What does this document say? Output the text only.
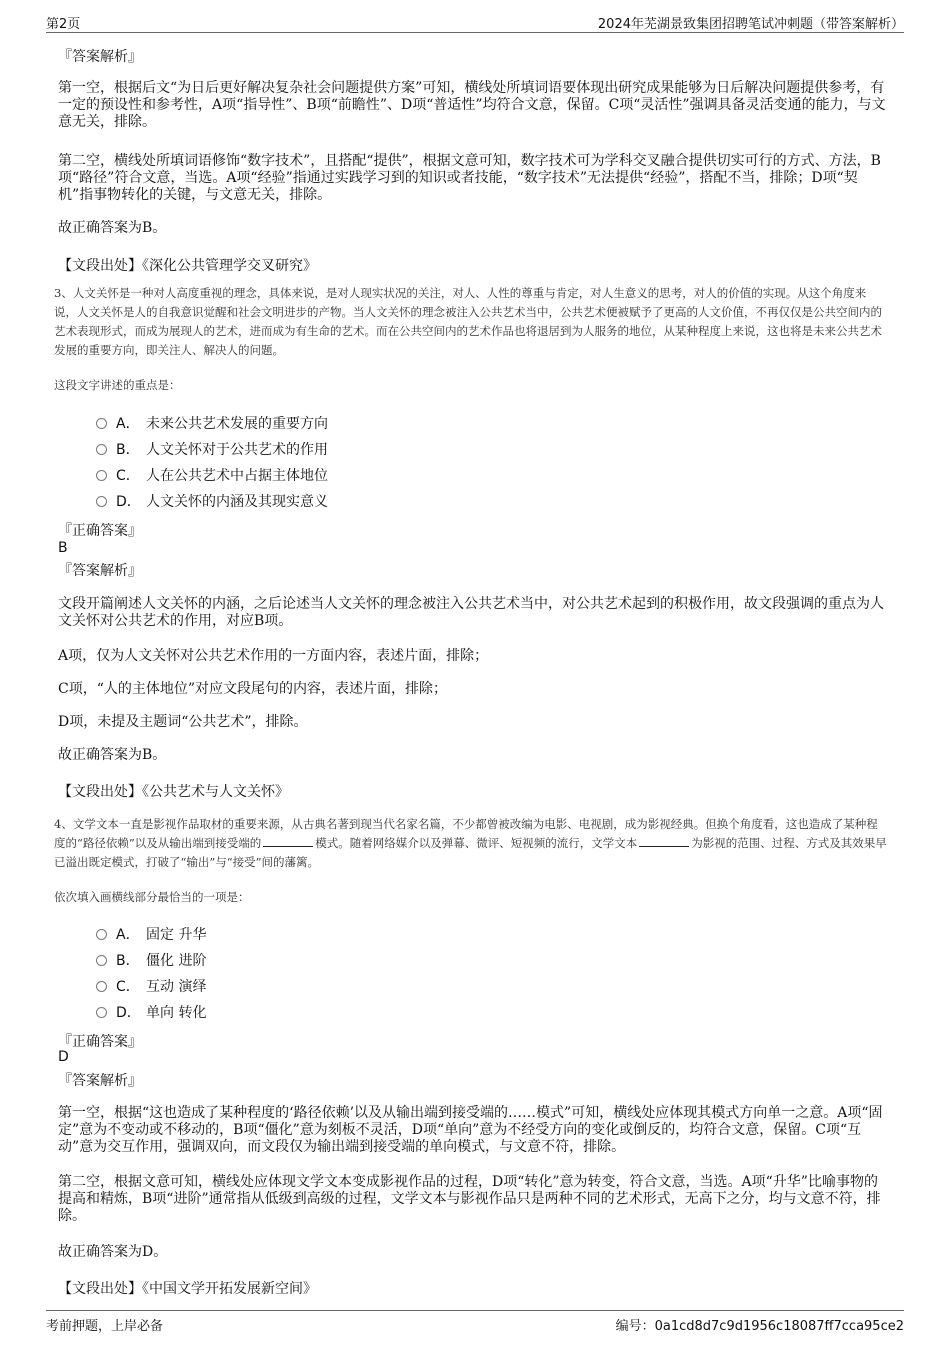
第2页	2024年芜湖景致集团招聘笔试冲刺题（带答案解析）
『答案解析』
第一空，根据后文“为日后更好解决复杂社会问题提供方案”可知，横线处所填词语要体现出研究成果能够为日后解决问题提供参考，有一定的预设性和参考性，A项“指导性”、B项“前瞻性”、D项“普适性”均符合文意，保留。C项“灵活性”强调具备灵活变通的能力，与文意无关，排除。
第二空，横线处所填词语修饰“数字技术”，且搭配“提供”，根据文意可知，数字技术可为学科交叉融合提供切实可行的方式、方法，B项“路径”符合文意，当选。A项“经验”指通过实践学习到的知识或者技能，“数字技术”无法提供“经验”，搭配不当，排除；D项“契机”指事物转化的关键，与文意无关，排除。
故正确答案为B。
【文段出处】《深化公共管理学交叉研究》
3、人文关怀是一种对人高度重视的理念，具体来说，是对人现实状况的关注，对人、人性的尊重与肯定，对人生意义的思考，对人的价值的实现。从这个角度来说，人文关怀是人的自我意识觉醒和社会文明进步的产物。当人文关怀的理念被注入公共艺术当中，公共艺术便被赋予了更高的人文价值，不再仅仅是公共空间内的艺术表现形式，而成为展现人的艺术，进而成为有生命的艺术。而在公共空间内的艺术作品也将退居到为人服务的地位，从某种程度上来说，这也将是未来公共艺术发展的重要方向，即关注人、解决人的问题。
这段文字讲述的重点是：
A． 未来公共艺术发展的重要方向
B． 人文关怀对于公共艺术的作用
C． 人在公共艺术中占据主体地位
D． 人文关怀的内涵及其现实意义
『正确答案』
B
『答案解析』
文段开篇阐述人文关怀的内涵，之后论述当人文关怀的理念被注入公共艺术当中，对公共艺术起到的积极作用，故文段强调的重点为人文关怀对公共艺术的作用，对应B项。
A项，仅为人文关怀对公共艺术作用的一方面内容，表述片面，排除；
C项，“人的主体地位”对应文段尾句的内容，表述片面，排除；
D项，未提及主题词“公共艺术”，排除。
故正确答案为B。
【文段出处】《公共艺术与人文关怀》
4、文学文本一直是影视作品取材的重要来源，从古典名著到现当代名家名篇，不少都曾被改编为电影、电视剧，成为影视经典。但换个角度看，这也造成了某种程度的“路径依赖”以及从输出端到接受端的	模式。随着网络媒介以及弹幕、微评、短视频的流行，文学文本	为影视的范围、过程、方式及其效果早已溢出既定模式，打破了“输出”与“接受”间的藩篱。
依次填入画横线部分最恰当的一项是：
A． 固定 升华
B． 僵化 进阶
C． 互动 演绎
D． 单向 转化
『正确答案』
D
『答案解析』
第一空，根据“这也造成了某种程度的‘路径依赖’以及从输出端到接受端的……模式”可知，横线处应体现其模式方向单一之意。A项“固定”意为不变动或不移动的，B项“僵化”意为刻板不灵活，D项“单向”意为不经受方向的变化或倒反的，均符合文意，保留。C项“互动”意为交互作用，强调双向，而文段仅为输出端到接受端的单向模式，与文意不符，排除。
第二空，根据文意可知，横线处应体现文学文本变成影视作品的过程，D项“转化”意为转变，符合文意，当选。A项“升华”比喻事物的提高和精炼，B项“进阶”通常指从低级到高级的过程，文学文本与影视作品只是两种不同的艺术形式，无高下之分，均与文意不符，排除。
故正确答案为D。
【文段出处】《中国文学开拓发展新空间》
考前押题，上岸必备	编号：0a1cd8d7c9d1956c18087ff7cca95ce2
